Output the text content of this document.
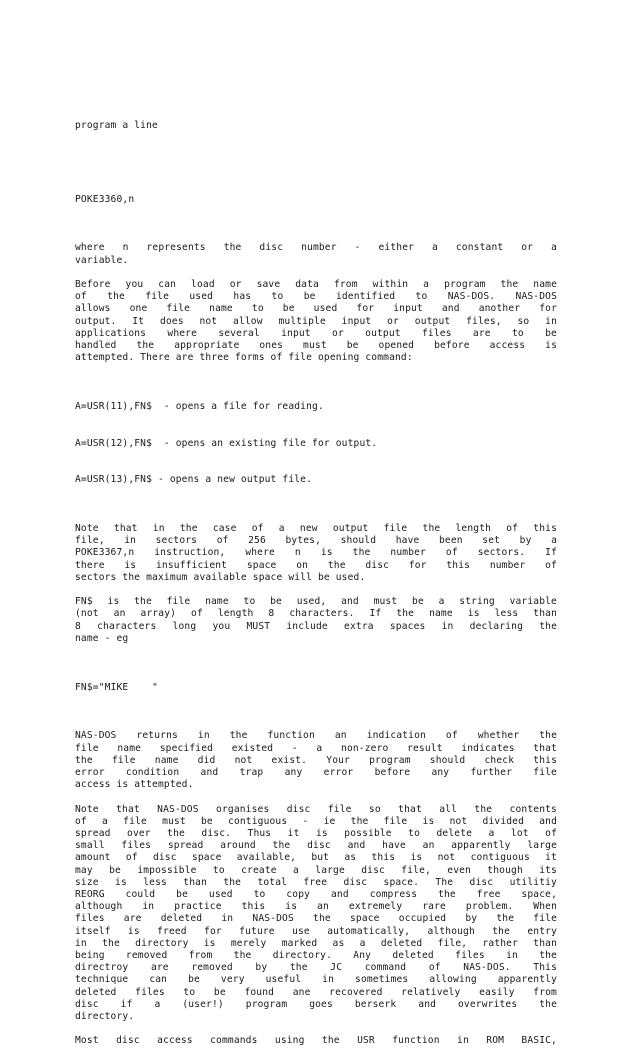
program a line

POKE3360,n

where n represents the disc number - either a constant or a
variable.
Before you can load or save data from within a program the name
of the file used has to be identified to NAS-DOS. NAS-DOS
allows one file name to be used for input and another for
output. It does not allow multiple input or output files, so in
applications where several input or output files are to be
handled the appropriate ones must be opened before access is
attempted. There are three forms of file opening command:

A=USR(11),FN$  - opens a file for reading.

A=USR(12),FN$  - opens an existing file for output.

A=USR(13),FN$ - opens a new output file.

Note that in the case of a new output file the length of this
file, in sectors of 256 bytes, should have been set by a
POKE3367,n instruction, where n is the number of sectors. If
there is insufficient space on the disc for this number of
sectors the maximum available space will be used.
FN$ is the file name to be used, and must be a string variable
(not an array) of length 8 characters. If the name is less than
8 characters long you MUST include extra spaces in declaring the
name - eg

FN$="MIKE    "

NAS-DOS returns in the function an indication of whether the
file name specified existed - a non-zero result indicates that
the file name did not exist. Your program should check this
error condition and trap any error before any further file
access is attempted.
Note that NAS-DOS organises disc file so that all the contents
of a file must be contiguous - ie the file is not divided and
spread over the disc. Thus it is possible to delete a lot of
small files spread around the disc and have an apparently large
amount of disc space available, but as this is not contiguous it
may be impossible to create a large disc file, even though its
size is less than the total free disc space. The disc utilitiy
REORG could be used to copy and compress the free space,
although in practice this is an extremely rare problem. When
files are deleted in NAS-DOS the space occupied by the file
itself is freed for future use automatically, although the entry
in the directory is merely marked as a deleted file, rather than
being removed from the directory. Any deleted files in the
directroy are removed by the JC command of NAS-DOS. This
technique can be very useful in sometimes allowing apparently
deleted files to be found ane recovered relatively easily from
disc if a (user!) program goes berserk and overwrites the
directory.
Most disc access commands using the USR function in ROM BASIC,
